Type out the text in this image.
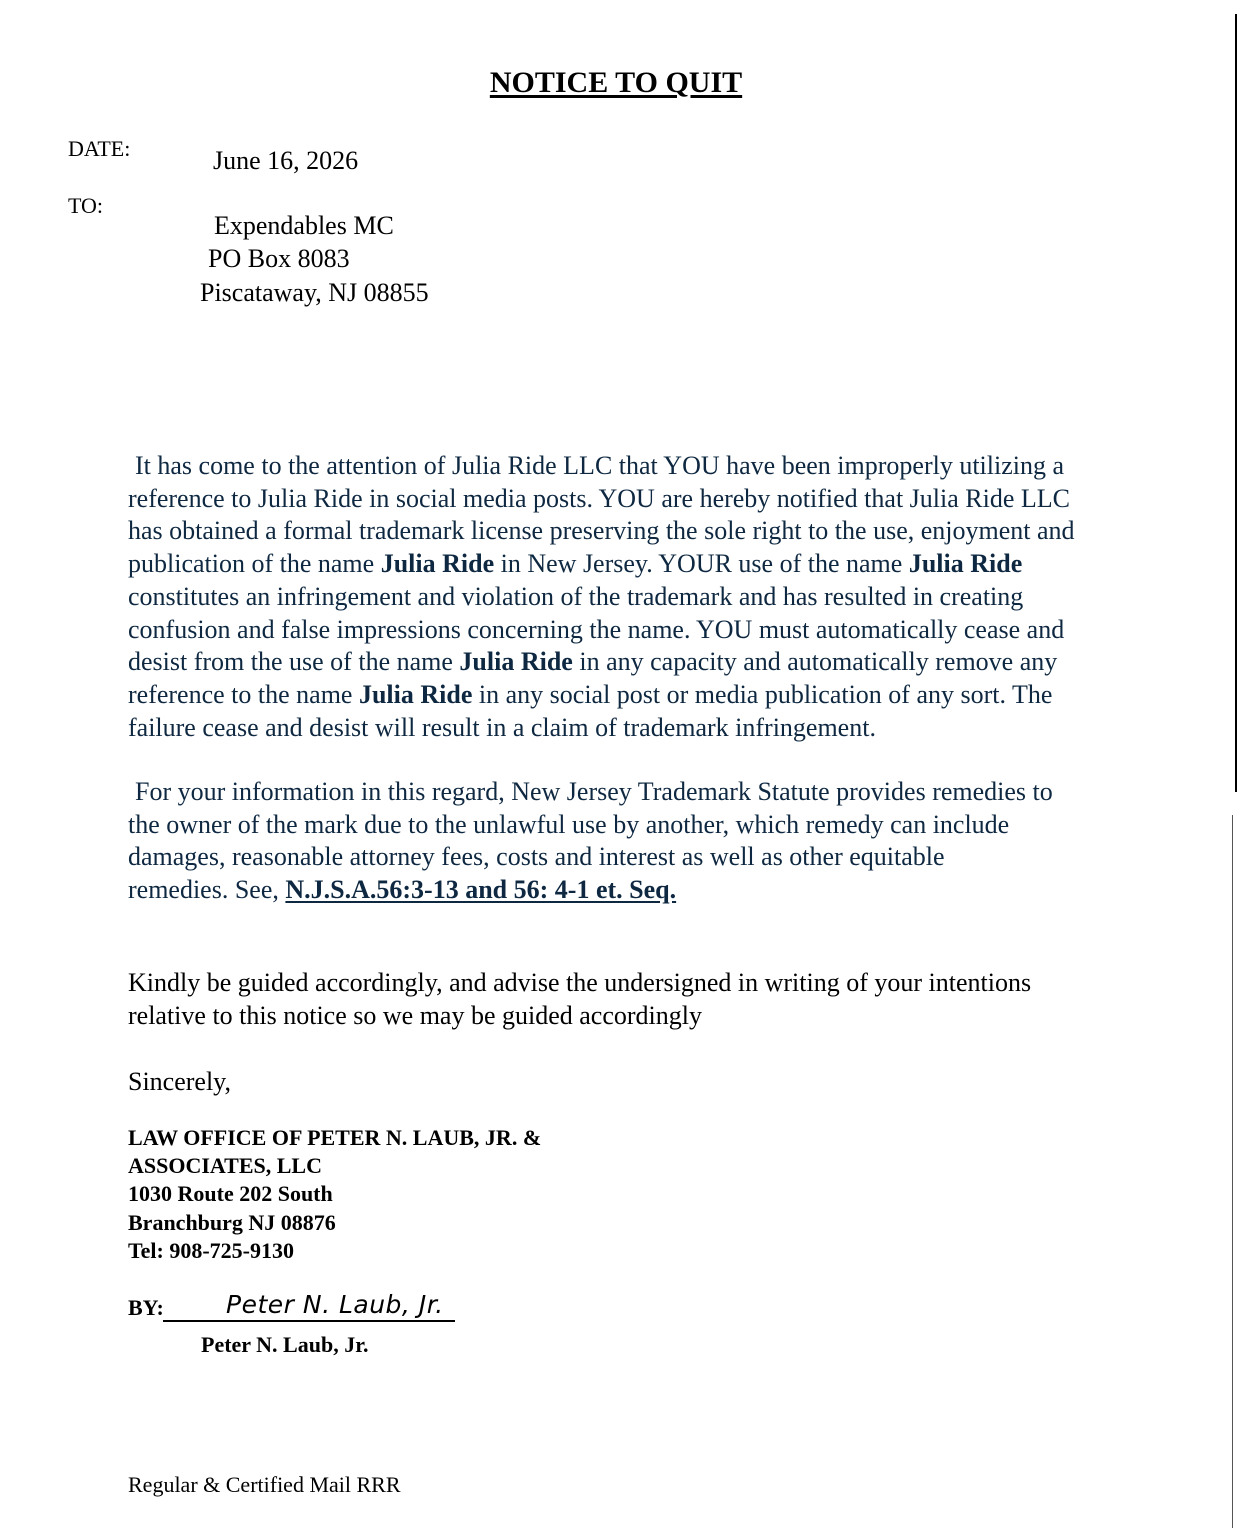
NOTICE TO QUIT
DATE:	June 16, 2026
TO:
Expendables MC
PO Box 8083
Piscataway, NJ 08855
It has come to the attention of Julia Ride LLC that YOU have been improperly utilizing a
reference to Julia Ride in social media posts. YOU are hereby notified that Julia Ride LLC
has obtained a formal trademark license preserving the sole right to the use, enjoyment and
publication of the name Julia Ride in New Jersey. YOUR use of the name Julia Ride
constitutes an infringement and violation of the trademark and has resulted in creating
confusion and false impressions concerning the name. YOU must automatically cease and
desist from the use of the name Julia Ride in any capacity and automatically remove any
reference to the name Julia Ride in any social post or media publication of any sort. The
failure cease and desist will result in a claim of trademark infringement.
For your information in this regard, New Jersey Trademark Statute provides remedies to
the owner of the mark due to the unlawful use by another, which remedy can include
damages, reasonable attorney fees, costs and interest as well as other equitable
remedies. See, N.J.S.A.56:3-13 and 56: 4-1 et. Seq.
Kindly be guided accordingly, and advise the undersigned in writing of your intentions
relative to this notice so we may be guided accordingly
Sincerely,
LAW OFFICE OF PETER N. LAUB, JR. &
ASSOCIATES, LLC
1030 Route 202 South
Branchburg NJ 08876
Tel: 908-725-9130
BY: Peter N. Laub, Jr.
Peter N. Laub, Jr.
Regular & Certified Mail RRR
